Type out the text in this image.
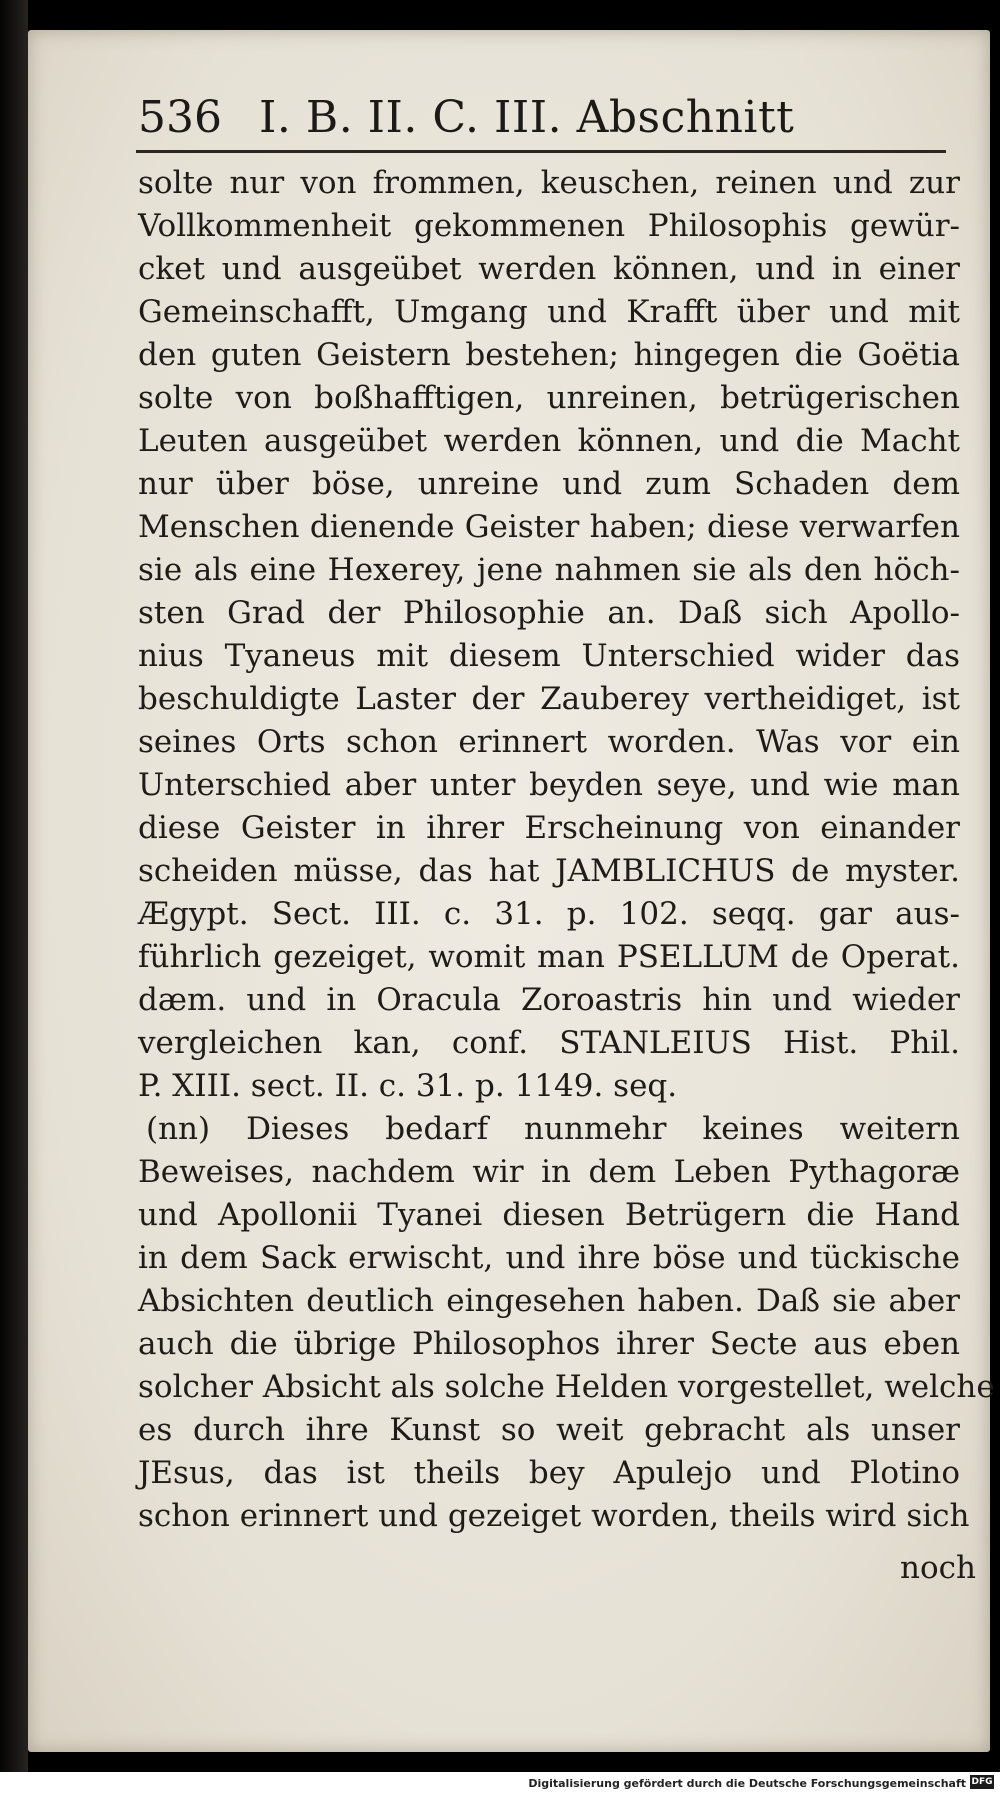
536 I. B. II. C. III. Abschnitt
solte nur von frommen, keuschen, reinen und zur
Vollkommenheit gekommenen Philosophis gewür-
cket und ausgeübet werden können, und in einer
Gemeinschafft, Umgang und Krafft über und mit
den guten Geistern bestehen; hingegen die Goëtia
solte von boßhafftigen, unreinen, betrügerischen
Leuten ausgeübet werden können, und die Macht
nur über böse, unreine und zum Schaden dem
Menschen dienende Geister haben; diese verwarfen
sie als eine Hexerey, jene nahmen sie als den höch-
sten Grad der Philosophie an. Daß sich Apollo-
nius Tyaneus mit diesem Unterschied wider das
beschuldigte Laster der Zauberey vertheidiget, ist
seines Orts schon erinnert worden. Was vor ein
Unterschied aber unter beyden seye, und wie man
diese Geister in ihrer Erscheinung von einander
scheiden müsse, das hat JAMBLICHUS de myster.
Ægypt. Sect. III. c. 31. p. 102. seqq. gar aus-
führlich gezeiget, womit man PSELLUM de Operat.
dæm. und in Oracula Zoroastris hin und wieder
vergleichen kan, conf. STANLEIUS Hist. Phil.
P. XIII. sect. II. c. 31. p. 1149. seq.
(nn) Dieses bedarf nunmehr keines weitern
Beweises, nachdem wir in dem Leben Pythagoræ
und Apollonii Tyanei diesen Betrügern die Hand
in dem Sack erwischt, und ihre böse und tückische
Absichten deutlich eingesehen haben. Daß sie aber
auch die übrige Philosophos ihrer Secte aus eben
solcher Absicht als solche Helden vorgestellet, welche
es durch ihre Kunst so weit gebracht als unser
JEsus, das ist theils bey Apulejo und Plotino
schon erinnert und gezeiget worden, theils wird sich
noch
Digitalisierung gefördert durch die Deutsche Forschungsgemeinschaft DFG
